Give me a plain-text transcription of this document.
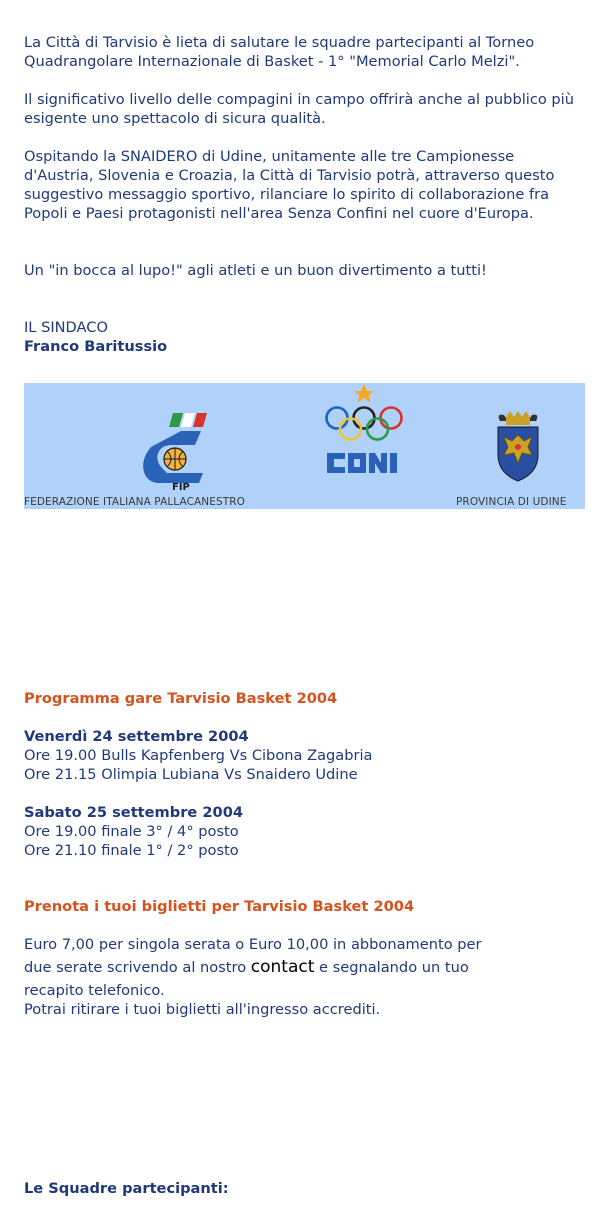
La Città di Tarvisio è lieta di salutare le squadre partecipanti al Torneo Quadrangolare Internazionale di Basket - 1° "Memorial Carlo Melzi".

Il significativo livello delle compagini in campo offrirà anche al pubblico più esigente uno spettacolo di sicura qualità.

Ospitando la SNAIDERO di Udine, unitamente alle tre Campionesse d'Austria, Slovenia e Croazia, la Città di Tarvisio potrà, attraverso questo suggestivo messaggio sportivo, rilanciare lo spirito di collaborazione fra Popoli e Paesi protagonisti nell'area Senza Confini nel cuore d'Europa.

Un "in bocca al lupo!" agli atleti e un buon divertimento a tutti!

IL SINDACO

Franco Baritussio

FIP
FEDERAZIONE ITALIANA PALLACANESTRO	PROVINCIA DI UDINE

Programma gare Tarvisio Basket 2004

Venerdì 24 settembre 2004

Ore 19.00 Bulls Kapfenberg Vs Cibona Zagabria

Ore 21.15 Olimpia Lubiana Vs Snaidero Udine

Sabato 25 settembre 2004

Ore 19.00 finale 3° / 4° posto

Ore 21.10 finale 1° / 2° posto

Prenota i tuoi biglietti per Tarvisio Basket 2004

Euro 7,00 per singola serata o Euro 10,00 in abbonamento per

due serate scrivendo al nostro contact e segnalando un tuo

recapito telefonico.

Potrai ritirare i tuoi biglietti all'ingresso accrediti.

Le Squadre partecipanti:
